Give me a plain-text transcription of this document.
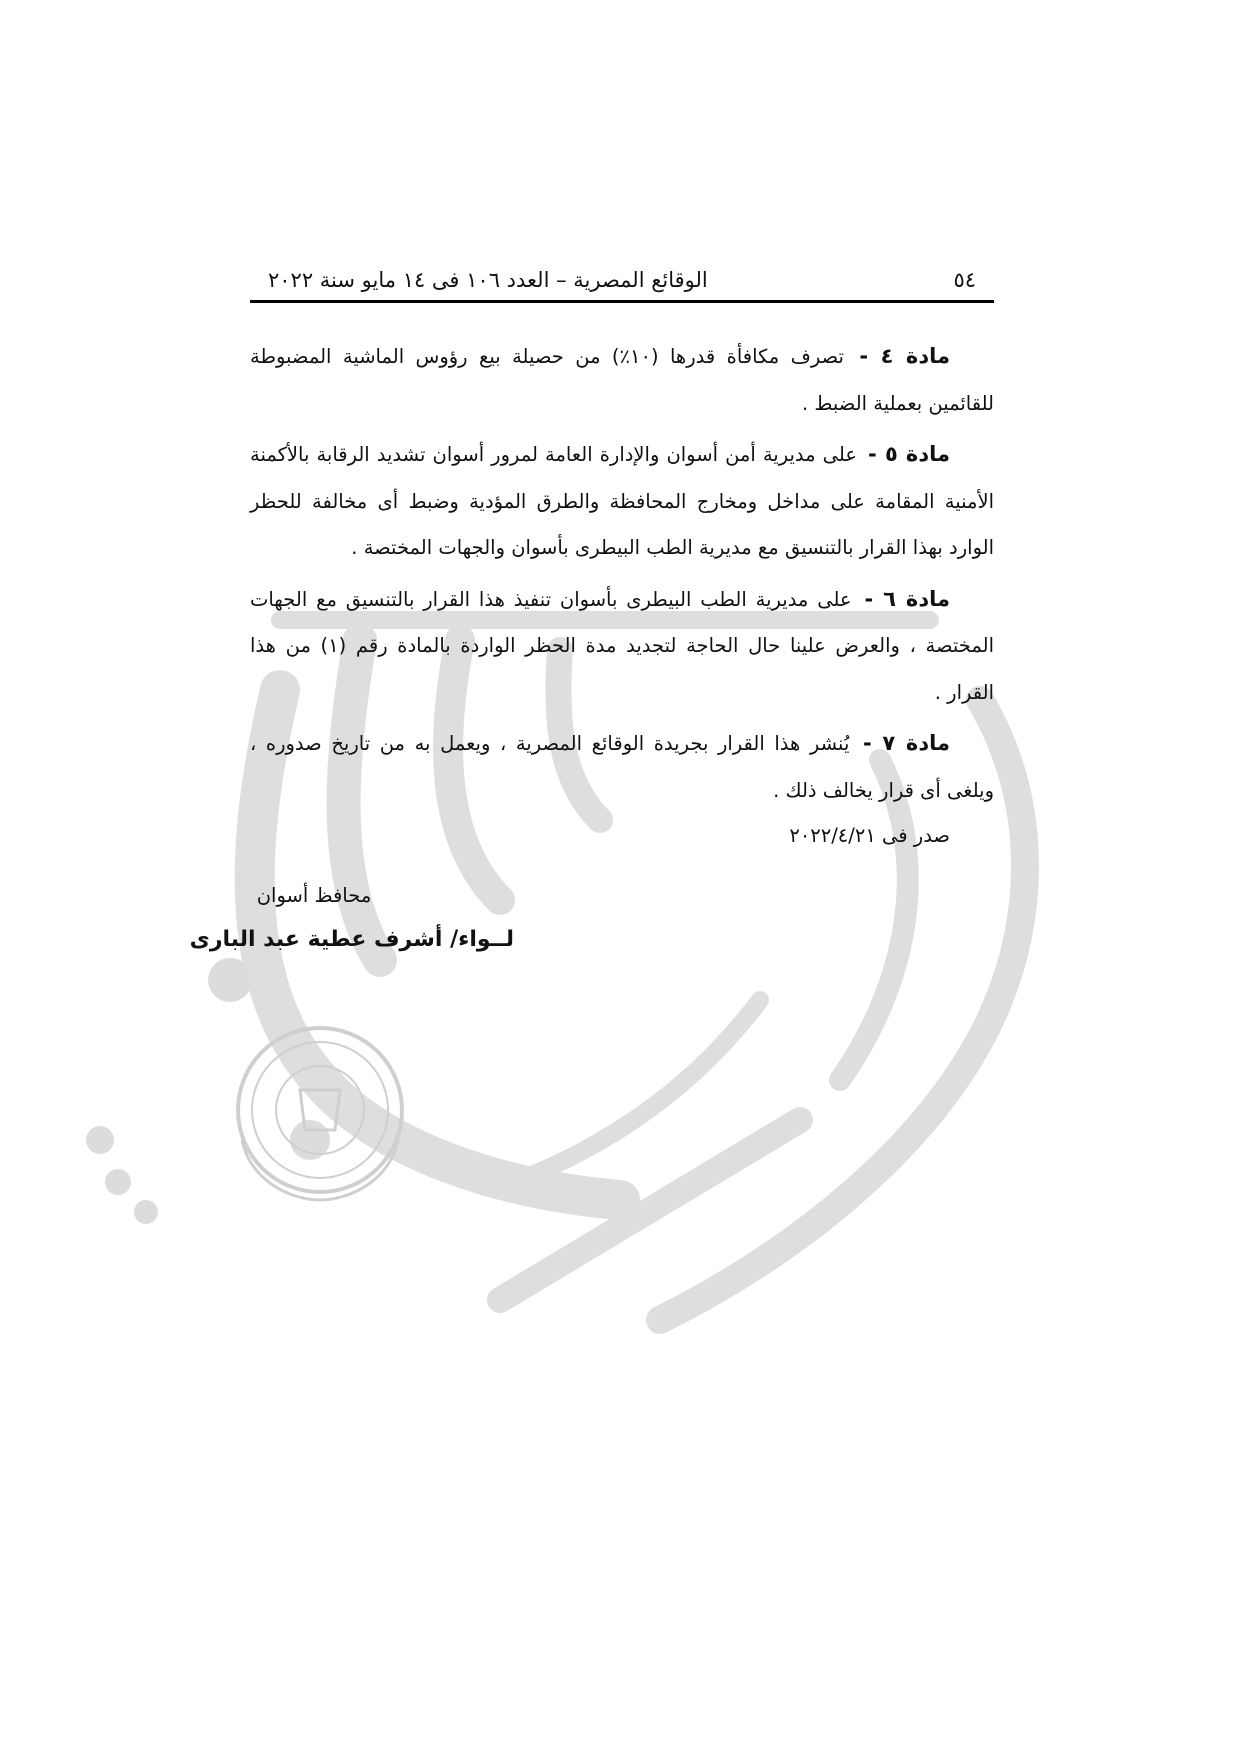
٥٤
الوقائع المصرية – العدد ١٠٦ فى ١٤ مايو سنة ٢٠٢٢

مادة ٤ - تصرف مكافأة قدرها (١٠٪) من حصيلة بيع رؤوس الماشية المضبوطة للقائمين بعملية الضبط .

مادة ٥ - على مديرية أمن أسوان والإدارة العامة لمرور أسوان تشديد الرقابة بالأكمنة الأمنية المقامة على مداخل ومخارج المحافظة والطرق المؤدية وضبط أى مخالفة للحظر الوارد بهذا القرار بالتنسيق مع مديرية الطب البيطرى بأسوان والجهات المختصة .

مادة ٦ - على مديرية الطب البيطرى بأسوان تنفيذ هذا القرار بالتنسيق مع الجهات المختصة ، والعرض علينا حال الحاجة لتجديد مدة الحظر الواردة بالمادة رقم (١) من هذا القرار .

مادة ٧ - يُنشر هذا القرار بجريدة الوقائع المصرية ، ويعمل به من تاريخ صدوره ، ويلغى أى قرار يخالف ذلك .

صدر فى ٢٠٢٢/٤/٢١
محافظ أسوان
لــواء/ أشرف عطية عبد البارى
